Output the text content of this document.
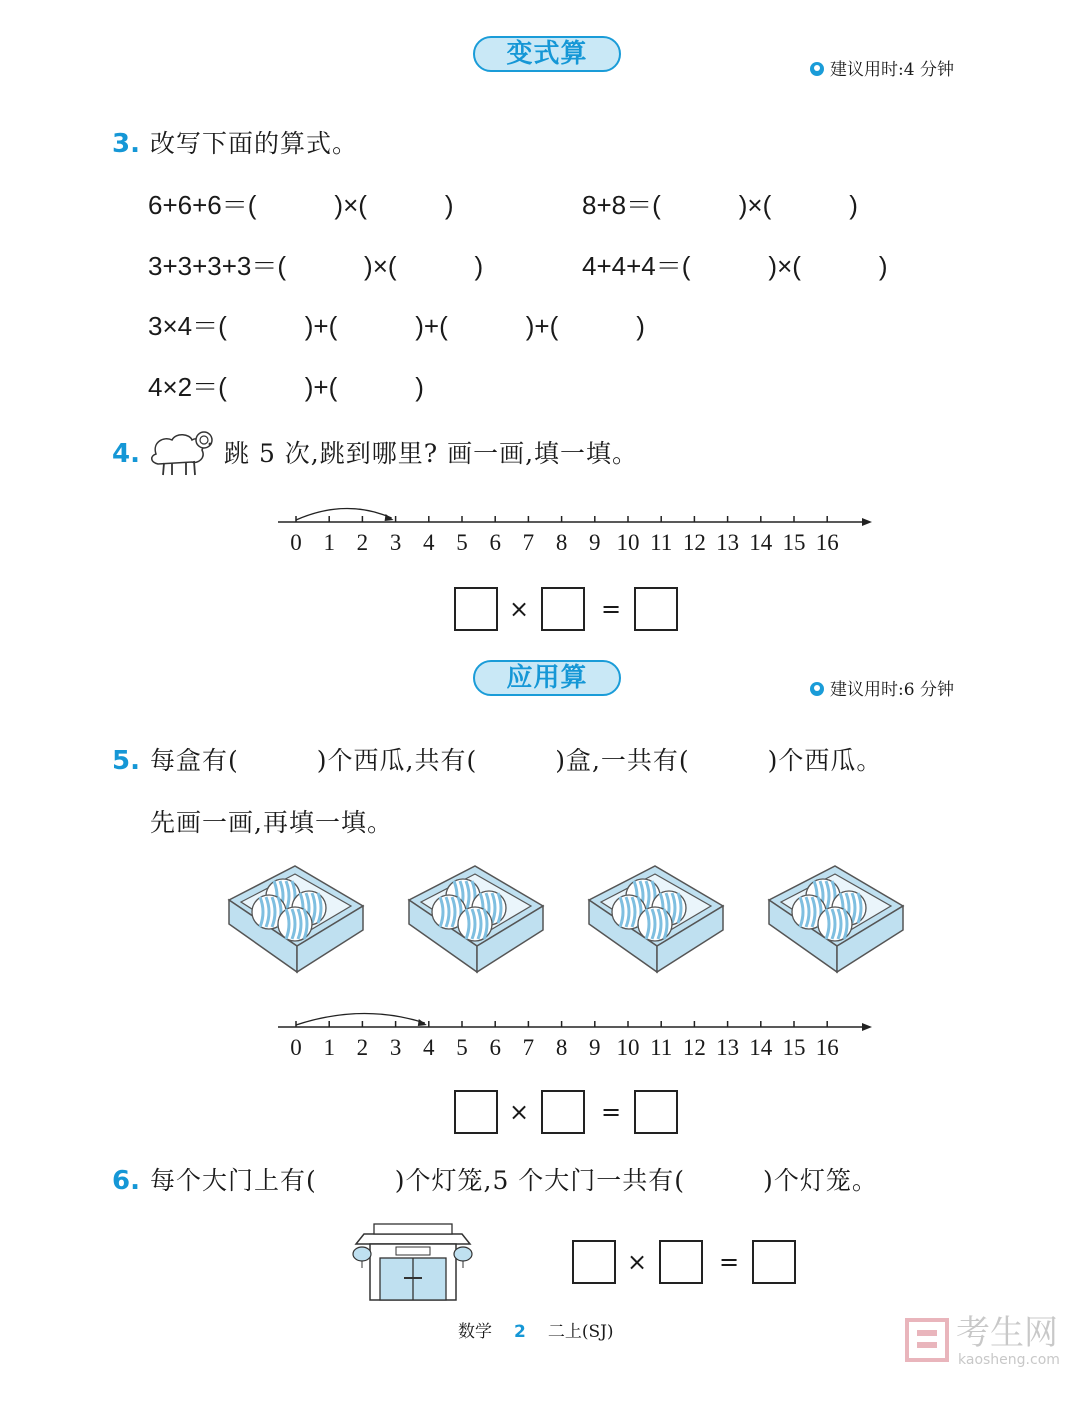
变式算
建议用时:4 分钟
3. 改写下面的算式。
6+6+6＝(　　　)×(　　　)	8+8＝(　　　)×(　　　)
3+3+3+3＝(　　　)×(　　　)	4+4+4＝(　　　)×(　　　)
3×4＝(　　　)+(　　　)+(　　　)+(　　　)
4×2＝(　　　)+(　　　)
4.	跳 5 次,跳到哪里? 画一画,填一填。
0 1 2 3 4 5 6 7 8 9 10 11 12 13 14 15 16
×	=
应用算	建议用时:6 分钟
5. 每盒有(　　　)个西瓜,共有(　　　)盒,一共有(　　　)个西瓜。
先画一画,再填一填。
0 1 2 3 4 5 6 7 8 9 10 11 12 13 14 15 16
×	=
6. 每个大门上有(　　　)个灯笼,5 个大门一共有(　　　)个灯笼。
×	=
数学 2 二上(SJ)	考生网
kaosheng.com
